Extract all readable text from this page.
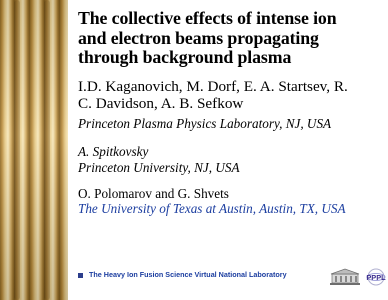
The collective effects of intense ion
and electron beams propagating
through background plasma

I.D. Kaganovich, M. Dorf, E. A. Startsev, R.
C. Davidson, A. B. Sefkow

Princeton Plasma Physics Laboratory, NJ, USA

A. Spitkovsky

Princeton University, NJ, USA

O. Polomarov and G. Shvets

The University of Texas at Austin, Austin, TX, USA

The Heavy Ion Fusion Science Virtual National Laboratory	PPPL
